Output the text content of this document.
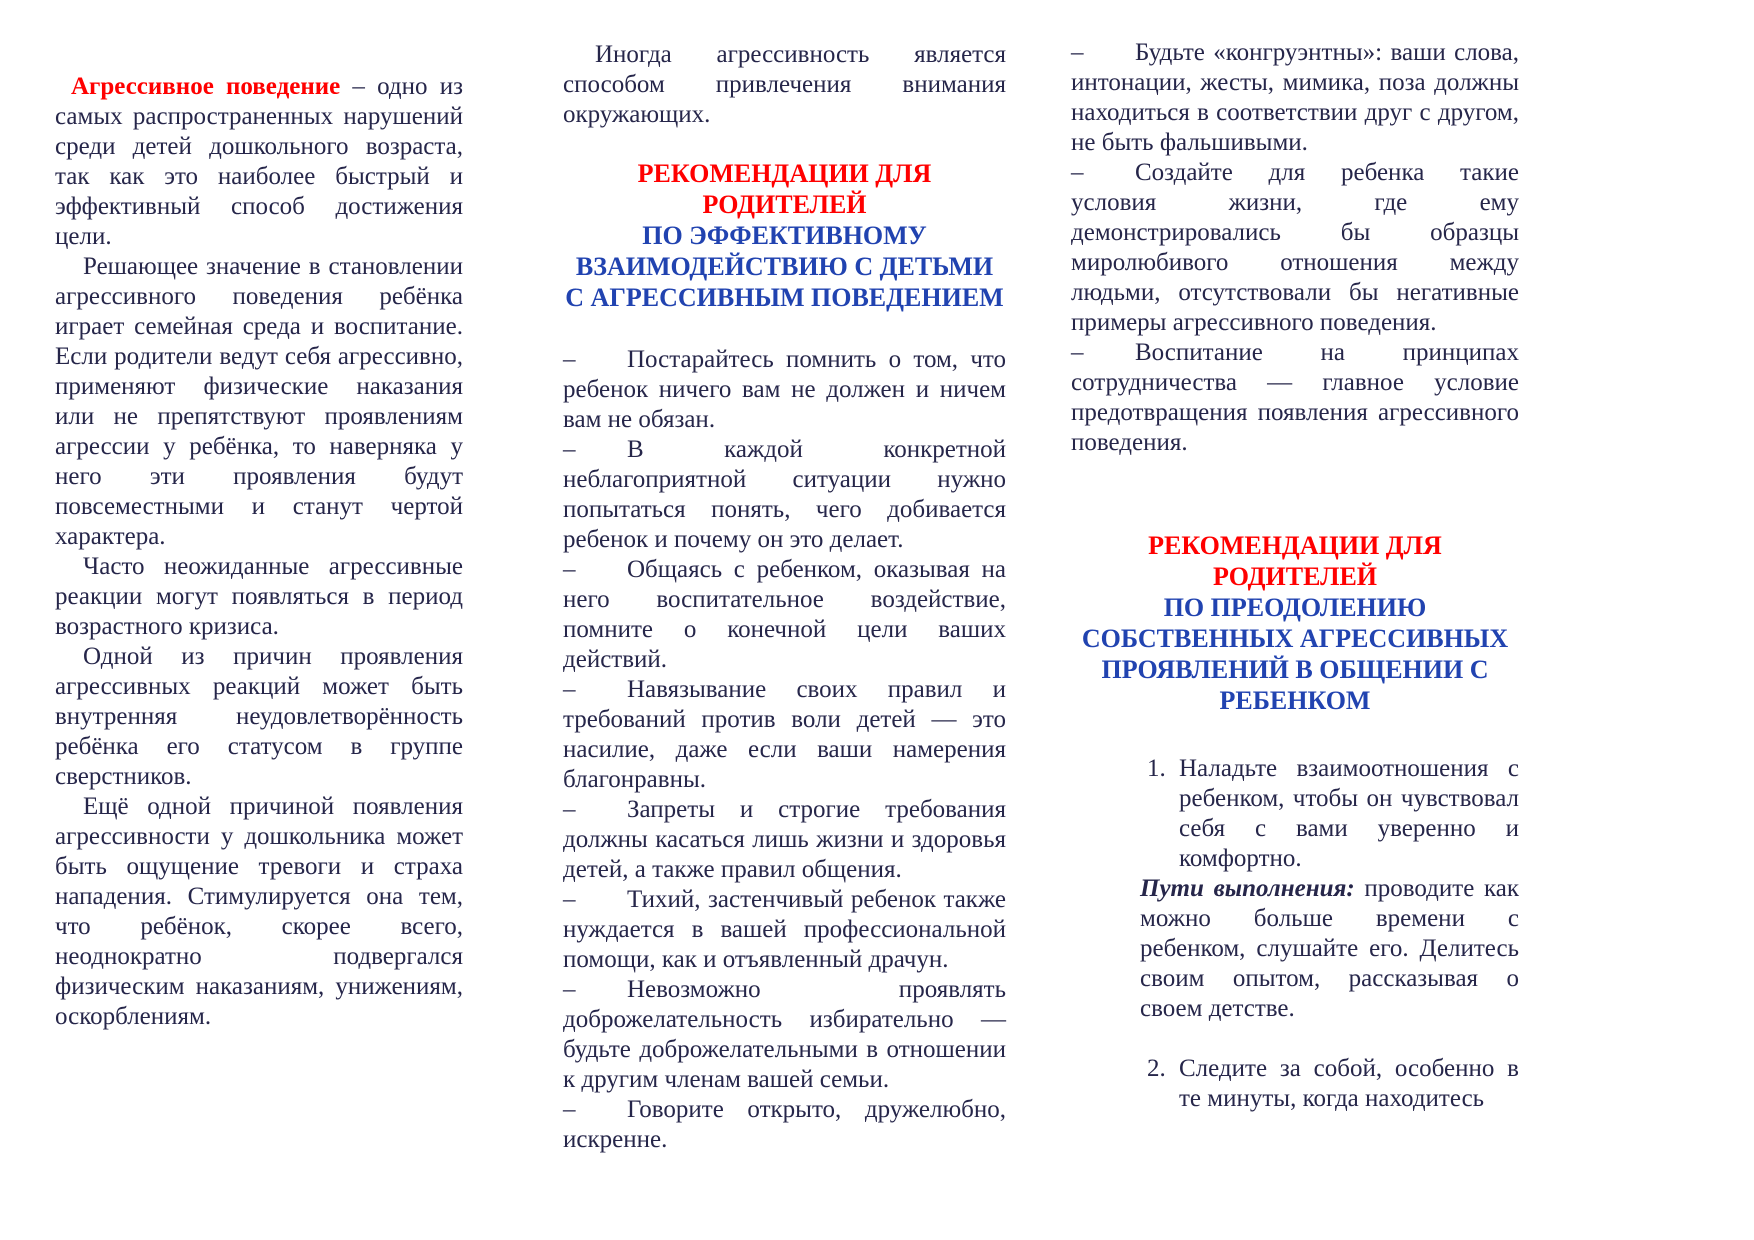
Агрессивное поведение – одно из самых распространенных нарушений среди детей дошкольного возраста, так как это наиболее быстрый и эффективный способ достижения цели.

Решающее значение в становлении агрессивного поведения ребёнка играет семейная среда и воспитание. Если родители ведут себя агрессивно, применяют физические наказания или не препятствуют проявлениям агрессии у ребёнка, то наверняка у него эти проявления будут повсеместными и станут чертой характера.

Часто неожиданные агрессивные реакции могут появляться в период возрастного кризиса.

Одной из причин проявления агрессивных реакций может быть внутренняя неудовлетворённость ребёнка его статусом в группе сверстников.

Ещё одной причиной появления агрессивности у дошкольника может быть ощущение тревоги и страха нападения. Стимулируется она тем, что ребёнок, скорее всего, неоднократно подвергался физическим наказаниям, унижениям, оскорблениям.

Иногда агрессивность является способом привлечения внимания окружающих.

РЕКОМЕНДАЦИИ ДЛЯ
РОДИТЕЛЕЙ
ПО ЭФФЕКТИВНОМУ
ВЗАИМОДЕЙСТВИЮ С ДЕТЬМИ
С АГРЕССИВНЫМ ПОВЕДЕНИЕМ

– Постарайтесь помнить о том, что ребенок ничего вам не должен и ничем вам не обязан.

– В каждой конкретной неблагоприятной ситуации нужно попытаться понять, чего добивается ребенок и почему он это делает.

– Общаясь с ребенком, оказывая на него воспитательное воздействие, помните о конечной цели ваших действий.

– Навязывание своих правил и требований против воли детей — это насилие, даже если ваши намерения благонравны.

– Запреты и строгие требования должны касаться лишь жизни и здоровья детей, а также правил общения.

– Тихий, застенчивый ребенок также нуждается в вашей профессиональной помощи, как и отъявленный драчун.

– Невозможно проявлять доброжелательность избирательно — будьте доброжелательными в отношении к другим членам вашей семьи.

– Говорите открыто, дружелюбно, искренне.

– Будьте «конгруэнтны»: ваши слова, интонации, жесты, мимика, поза должны находиться в соответствии друг с другом, не быть фальшивыми.

– Создайте для ребенка такие условия жизни, где ему демонстрировались бы образцы миролюбивого отношения между людьми, отсутствовали бы негативные примеры агрессивного поведения.

– Воспитание на принципах сотрудничества — главное условие предотвращения появления агрессивного поведения.

РЕКОМЕНДАЦИИ ДЛЯ
РОДИТЕЛЕЙ
ПО ПРЕОДОЛЕНИЮ
СОБСТВЕННЫХ АГРЕССИВНЫХ
ПРОЯВЛЕНИЙ В ОБЩЕНИИ С
РЕБЕНКОМ
1. Наладьте взаимоотношения с ребенком, чтобы он чувствовал себя с вами уверенно и комфортно.

Пути выполнения: проводите как можно больше времени с ребенком, слушайте его. Делитесь своим опытом, рассказывая о своем детстве.

2. Следите за собой, особенно в те минуты, когда находитесь
